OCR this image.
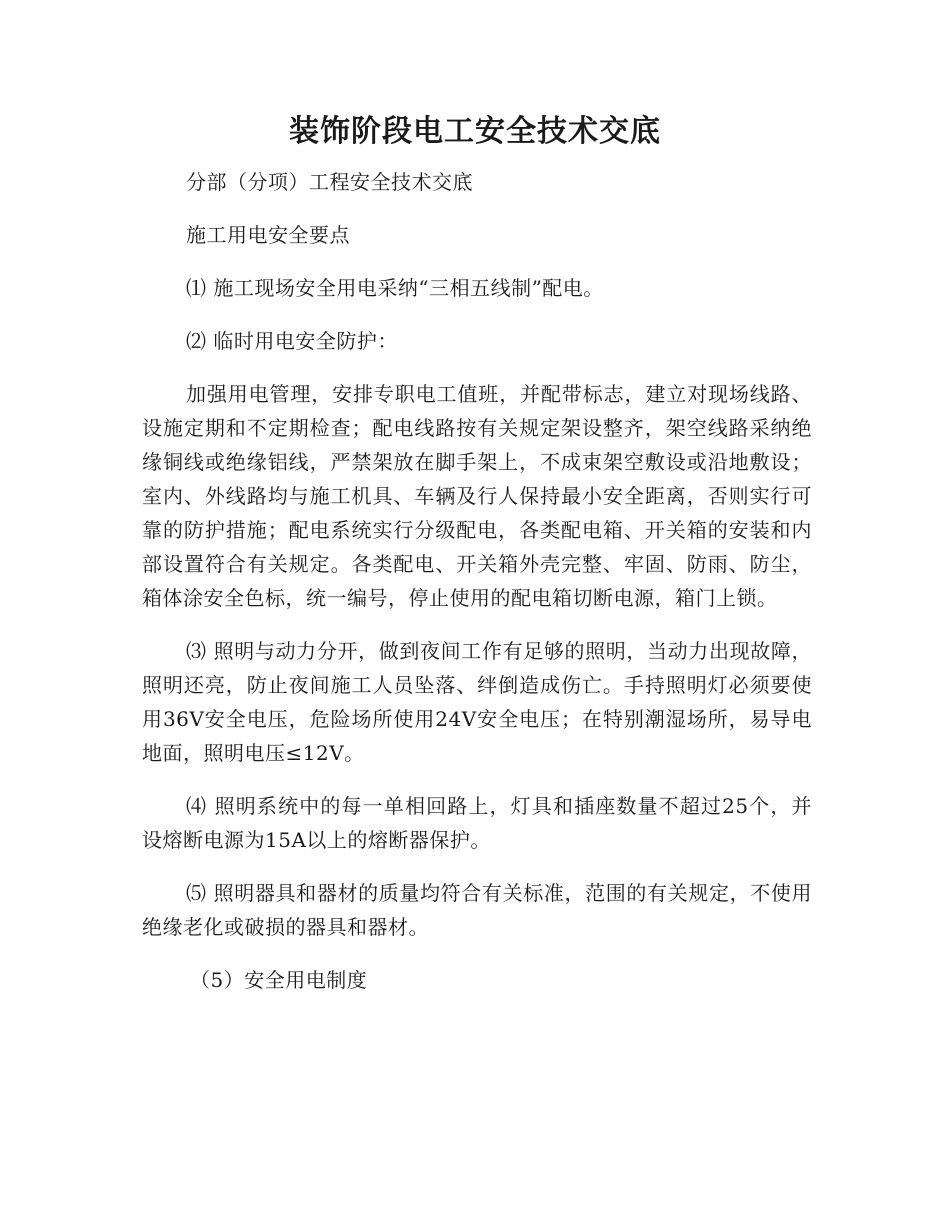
装饰阶段电工安全技术交底

分部（分项）工程安全技术交底

施工用电安全要点

⑴ 施工现场安全用电采纳“三相五线制”配电。

⑵ 临时用电安全防护：

加强用电管理，安排专职电工值班，并配带标志，建立对现场线路、设施定期和不定期检查；配电线路按有关规定架设整齐，架空线路采纳绝缘铜线或绝缘铝线，严禁架放在脚手架上，不成束架空敷设或沿地敷设；室内、外线路均与施工机具、车辆及行人保持最小安全距离，否则实行可靠的防护措施；配电系统实行分级配电，各类配电箱、开关箱的安装和内部设置符合有关规定。各类配电、开关箱外壳完整、牢固、防雨、防尘，箱体涂安全色标，统一编号，停止使用的配电箱切断电源，箱门上锁。

⑶ 照明与动力分开，做到夜间工作有足够的照明，当动力出现故障，照明还亮，防止夜间施工人员坠落、绊倒造成伤亡。手持照明灯必须要使用36V安全电压，危险场所使用24V安全电压；在特别潮湿场所，易导电地面，照明电压≤12V。

⑷ 照明系统中的每一单相回路上，灯具和插座数量不超过25个，并设熔断电源为15A以上的熔断器保护。

⑸ 照明器具和器材的质量均符合有关标准，范围的有关规定，不使用绝缘老化或破损的器具和器材。

（5）安全用电制度
